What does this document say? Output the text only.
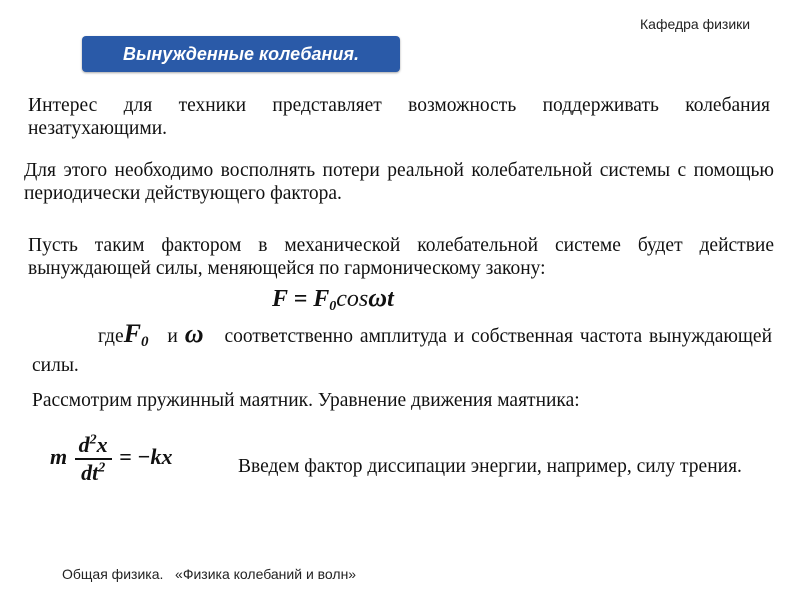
Кафедра физики
Вынужденные колебания.
Интерес для техники представляет возможность поддерживать колебания незатухающими.
Для этого необходимо восполнять потери реальной колебательной системы с помощью периодически действующего фактора.
Пусть таким фактором в механической колебательной системе будет действие вынуждающей силы, меняющейся по гармоническому закону:
$F = F_0\cos\omega t$
гдеF$_0$ и ω соответственно амплитуда и собственная частота вынуждающей силы.
Рассмотрим пружинный маятник. Уравнение движения маятника:
m $\frac{d^2x}{dt^2} = -kx$	Введем фактор диссипации энергии, например, силу трения.
Общая физика.   «Физика колебаний и волн»
